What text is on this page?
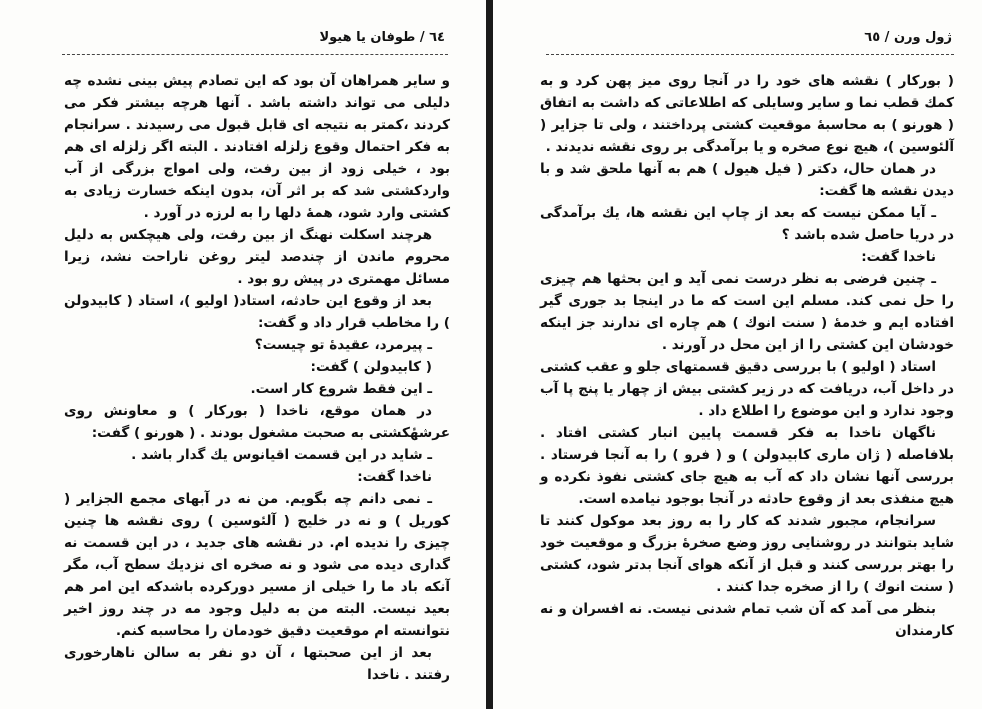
٦٤ / طوفان یا هیولا

و سایر همراهان آن بود که این تصادم پیش بینی نشده چه دلیلی می تواند داشته باشد . آنها هرچه بیشتر فکر می کردند ،کمتر به نتیجه ای قابل قبول می رسیدند . سرانجام به فکر احتمال وقوع زلزله افتادند . البته اگر زلزله ای هم بود ، خیلی زود از بین رفت، ولی امواج بزرگی از آب واردکشتی شد که بر اثر آن، بدون اینکه خسارت زیادی به کشتی وارد شود، همهٔ دلها را به لرزه در آورد .

هرچند اسکلت نهنگ از بین رفت، ولی هیچکس به دلیل محروم ماندن از چندصد لیتر روغن ناراحت نشد، زیرا مسائل مهمتری در پیش رو بود .

بعد از وقوع این حادثه، استاد( اولیو )، استاد ( کابیدولن ) را مخاطب قرار داد و گفت:

ـ پیرمرد، عقیدهٔ تو چیست؟

( کابیدولن ) گفت:

ـ این فقط شروع کار است.

در همان موقع، ناخدا ( بورکار ) و معاونش روی عرشهٔکشتی به صحبت مشغول بودند . ( هورنو ) گفت:

ـ شاید در این قسمت اقیانوس یك گدار باشد .

ناخدا گفت:

ـ نمی دانم چه بگویم. من نه در آبهای مجمع الجزایر ( کوریل ) و نه در خلیج ( آلئوسین ) روی نقشه ها چنین چیزی را ندیده ام. در نقشه های جدید ، در این قسمت نه گداری دیده می شود و نه صخره ای نزدیك سطح آب، مگر آنکه باد ما را خیلی از مسیر دورکرده باشدکه این امر هم بعید نیست. البته من به دلیل وجود مه در چند روز اخیر نتوانسته ام موقعیت دقیق خودمان را محاسبه کنم.

بعد از این صحبتها ، آن دو نفر به سالن ناهارخوری رفتند . ناخدا

ژول ورن / ٦٥

( بورکار ) نقشه های خود را در آنجا روی میز پهن کرد و به کمك قطب نما و سایر وسایلی که اطلاعاتی که داشت به اتفاق ( هورنو ) به محاسبهٔ موقعیت کشتی پرداختند ، ولی تا جزایر ( آلئوسین )، هیچ نوع صخره و یا برآمدگی بر روی نقشه ندیدند .

در همان حال، دکتر ( فیل هیول ) هم به آنها ملحق شد و با دیدن نقشه ها گفت:

ـ آیا ممکن نیست که بعد از چاپ این نقشه ها، یك برآمدگی در دریا حاصل شده باشد ؟

ناخدا گفت:

ـ چنین فرضی به نظر درست نمی آید و این بحثها هم چیزی را حل نمی کند. مسلم این است که ما در اینجا بد جوری گیر افتاده ایم و خدمهٔ ( سنت انوك ) هم چاره ای ندارند جز اینکه خودشان این کشتی را از این محل در آورند .

استاد ( اولیو ) با بررسی دقیق قسمتهای جلو و عقب کشتی در داخل آب، دریافت که در زیر کشتی بیش از چهار یا پنج پا آب وجود ندارد و این موضوع را اطلاع داد .

ناگهان ناخدا به فکر قسمت پایین انبار کشتی افتاد . بلافاصله ( ژان ماری کابیدولن ) و ( فرو ) را به آنجا فرستاد . بررسی آنها نشان داد که آب به هیچ جای کشتی نفوذ نکرده و هیچ منفذی بعد از وقوع حادثه در آنجا بوجود نیامده است.

سرانجام، مجبور شدند که کار را به روز بعد موکول کنند تا شاید بتوانند در روشنایی روز وضع صخرهٔ بزرگ و موقعیت خود را بهتر بررسی کنند و قبل از آنکه هوای آنجا بدتر شود، کشتی ( سنت انوك ) را از صخره جدا کنند .

بنظر می آمد که آن شب تمام شدنی نیست. نه افسران و نه کارمندان
